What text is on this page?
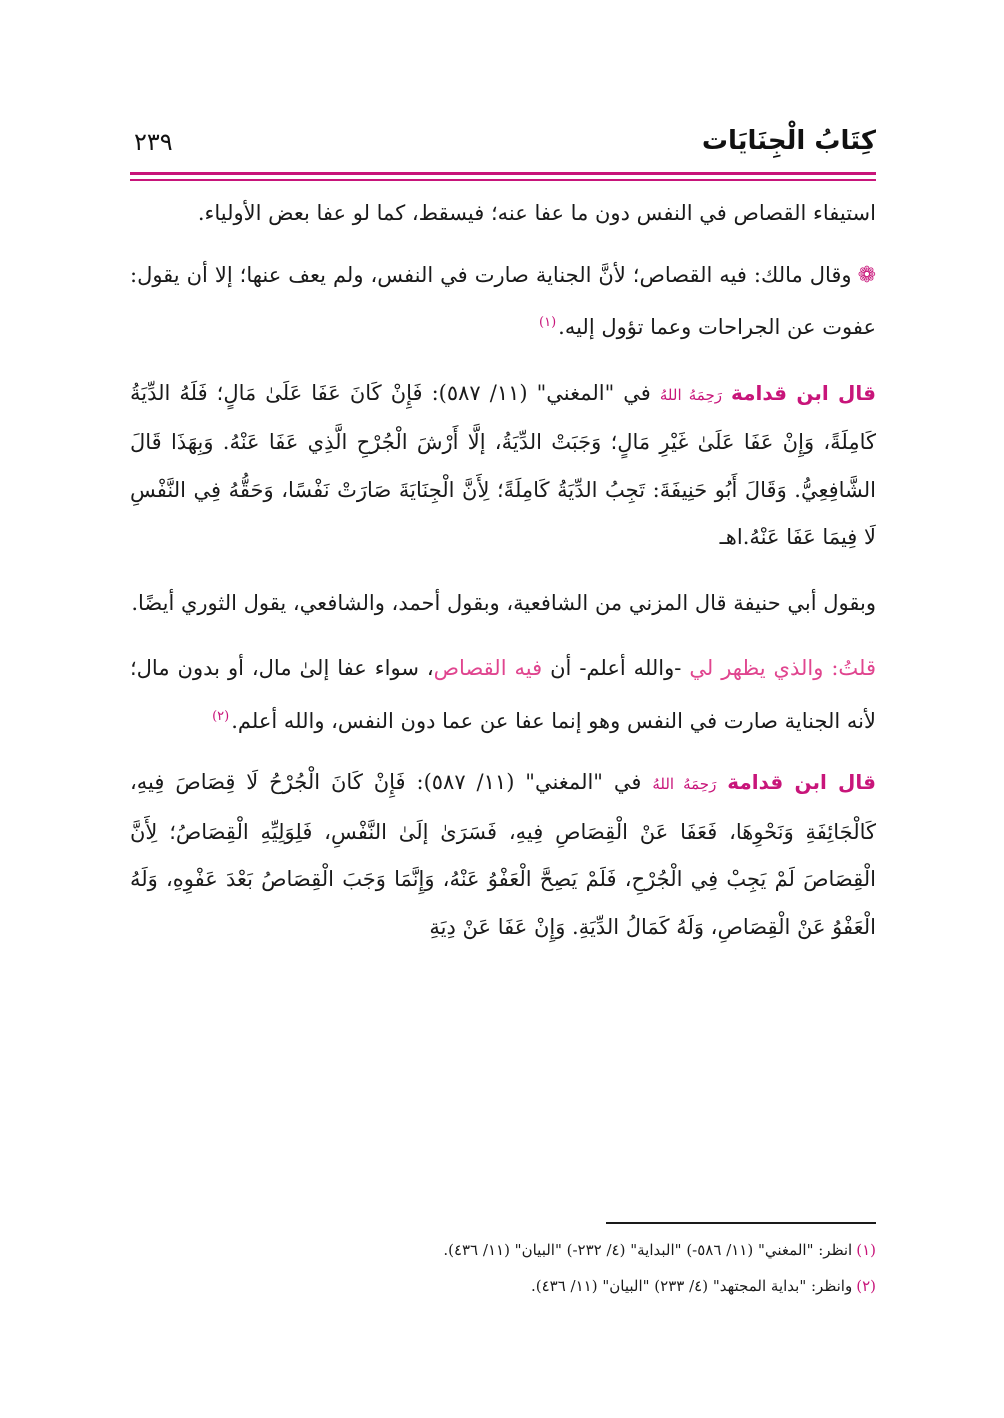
كِتَابُ الْجِنَايَات
٢٣٩

استيفاء القصاص في النفس دون ما عفا عنه؛ فيسقط، كما لو عفا بعض الأولياء.

❁وقال مالك: فيه القصاص؛ لأنَّ الجناية صارت في النفس، ولم يعف عنها؛ إلا أن يقول: عفوت عن الجراحات وعما تؤول إليه.$^{(١)}$

قال ابن قدامة رَحِمَهُ اللهُ في "المغني" (١١/ ٥٨٧): فَإِنْ كَانَ عَفَا عَلَىٰ مَالٍ؛ فَلَهُ الدِّيَةُ كَامِلَةً، وَإِنْ عَفَا عَلَىٰ غَيْرِ مَالٍ؛ وَجَبَتْ الدِّيَةُ، إلَّا أَرْشَ الْجُرْحِ الَّذِي عَفَا عَنْهُ. وَبِهَذَا قَالَ الشَّافِعِيُّ. وَقَالَ أَبُو حَنِيفَةَ: تَجِبُ الدِّيَةُ كَامِلَةً؛ لِأَنَّ الْجِنَايَةَ صَارَتْ نَفْسًا، وَحَقُّهُ فِي النَّفْسِ لَا فِيمَا عَفَا عَنْهُ.اهـ

وبقول أبي حنيفة قال المزني من الشافعية، وبقول أحمد، والشافعي، يقول الثوري أيضًا.

قلتُ: والذي يظهر لي -والله أعلم- أن فيه القصاص، سواء عفا إلىٰ مال، أو بدون مال؛ لأنه الجناية صارت في النفس وهو إنما عفا عن عما دون النفس، والله أعلم.$^{(٢)}$

قال ابن قدامة رَحِمَهُ اللهُ في "المغني" (١١/ ٥٨٧): فَإِنْ كَانَ الْجُرْحُ لَا قِصَاصَ فِيهِ، كَالْجَائِفَةِ وَنَحْوِهَا، فَعَفَا عَنْ الْقِصَاصِ فِيهِ، فَسَرَىٰ إلَىٰ النَّفْسِ، فَلِوَلِيِّهِ الْقِصَاصُ؛ لِأَنَّ الْقِصَاصَ لَمْ يَجِبْ فِي الْجُرْحِ، فَلَمْ يَصِحَّ الْعَفْوُ عَنْهُ، وَإِنَّمَا وَجَبَ الْقِصَاصُ بَعْدَ عَفْوِهِ، وَلَهُ الْعَفْوُ عَنْ الْقِصَاصِ، وَلَهُ كَمَالُ الدِّيَةِ. وَإِنْ عَفَا عَنْ دِيَةِ

(١)انظر: "المغني" (١١/ ٥٨٦-) "البداية" (٤/ ٢٣٢-) "البيان" (١١/ ٤٣٦).
(٢)وانظر: "بداية المجتهد" (٤/ ٢٣٣) "البيان" (١١/ ٤٣٦).
